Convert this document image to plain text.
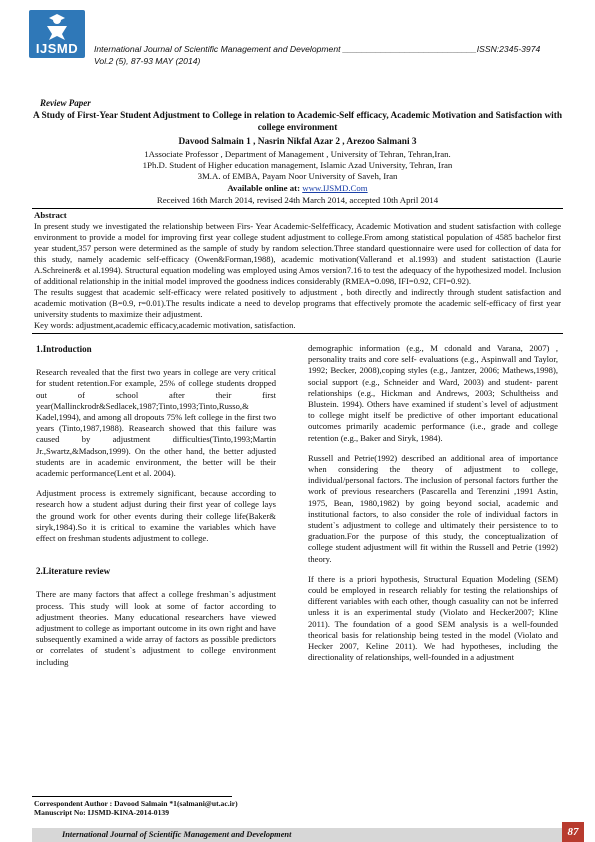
IJSMD	International Journal of Scientific Management and Development ____________________________ISSN:2345-3974
Vol.2 (5), 87-93 MAY (2014)
Review Paper
A Study of First-Year Student Adjustment to College in relation to Academic-Self efficacy, Academic Motivation and Satisfaction with college environment
Davood Salmain 1 , Nasrin Nikfal Azar 2 , Arezoo Salmani 3
1Associate Professor , Department of Management , University of Tehran, Tehran,Iran.
1Ph.D. Student of Higher education management, Islamic Azad University, Tehran, Iran
3M.A. of EMBA, Payam Noor University of Saveh, Iran
Available online at: www.IJSMD.Com
Received 16th March 2014, revised 24th March 2014, accepted 10th April 2014
Abstract

In present study we investigated the relationship between Firs- Year Academic-Selfefficacy, Academic Motivation and student satisfaction with college environment to provide a model for improving first year college student adjustment to college.From among statistical population of 4585 bachelor first year student,357 person were determined as the sample of study by random selection.Three standard questionnaire were used for collection of data for this study, namely academic self-efficacy (Owen&Forman,1988), academic motivation(Vallerand et al.1993) and student satistaction (Laurie A.Schreiner& et al.1994). Structural equation modeling was employed using Amos version7.16 to test the adequacy of the hypothesized model. Inclusion of additional relationship in the initial model improved the goodness indices considerably (RMEA=0.098, IFI=0.92, CFI=0.92).

The results suggest that academic self-efficacy were related positively to adjustment , both directly and indirectly through student satisfaction and academic motivation (B=0.9, r=0.01).The results indicate a need to develop programs that effectively promote the academic self-efficacy of first year university students to maximize their adjustment.

Key words: adjustment,academic efficacy,academic motivation, satisfaction.

1.Introduction

Research revealed that the first two years in college are very critical for student retention.For example, 25% of college students dropped out of school after their first year(Mallinckrodr&Sedlacek,1987;Tinto,1993;Tinto,Russo,& Kadel,1994), and among all dropouts 75% left college in the first two years (Tinto,1987,1988). Reasearch showed that this failure was caused by adjustment difficulties(Tinto,1993;Martin Jr.,Swartz,&Madson,1999). On the other hand, the better adjusted students are in academic environment, the better will be their academic performance(Lent et al. 2004).

Adjustment process is extremely significant, because according to research how a student adjust during their first year of college lays the ground work for other events during their college life(Baker& siryk,1984).So it is critical to examine the variables which have effect on freshman students adjustment to college.

2.Literature review

There are many factors that affect a college freshman`s adjustment process. This study will look at some of factor according to adjustment theories. Many educational researchers have viewed adjustment to college as important outcome in its own right and have subsequently examined a wide array of factors as possible predictors or correlates of student`s adjustment to college environment including

demographic information (e.g., M cdonald and Varana, 2007) , personality traits and core self- evaluations (e.g., Aspinwall and Taylor, 1992; Becker, 2008),coping styles (e.g., Jantzer, 2006; Mathews,1998), social support (e.g., Schneider and Ward, 2003) and student- parent relationships (e.g., Hickman and Andrews, 2003; Schultheiss and Blustein. 1994). Others have examined if student`s level of adjustment to college might itself be predictive of other important educational outcomes primarily academic performance (i.e., grade and college retention (e.g., Baker and Siryk, 1984).

Russell and Petrie(1992) described an additional area of importance when considering the theory of adjustment to college, individual/personal factors. The inclusion of personal factors further the work of previous researchers (Pascarella and Terenzini ,1991 Astin, 1975, Bean, 1980,1982) by going beyond social, academic and institutional factors, to also consider the role of individual factors in student`s adjustment to college and ultimately their persistence to to graduation.For the purpose of this study, the conceptualization of college student adjustment will fit within the Russell and Petrie (1992) theory.

If there is a priori hypothesis, Structural Equation Modeling (SEM) could be employed in research reliably for testing the relationships of different variables with each other, though casuality can not be inferred unless it is an experimental study (Violato and Hecker2007; Kline 2011). The foundation of a good SEM analysis is a well-founded theorical basis for relationship being tested in the model (Violato and Hecker 2007, Keline 2011). We had hypotheses, including the directionality of relationships, well-founded in a adjustment

Correspondent Author : Davood Salmain *1(salmani@ut.ac.ir)
Manuscript No: IJSMD-KINA-2014-0139
International Journal of Scientific Management and Development	87
